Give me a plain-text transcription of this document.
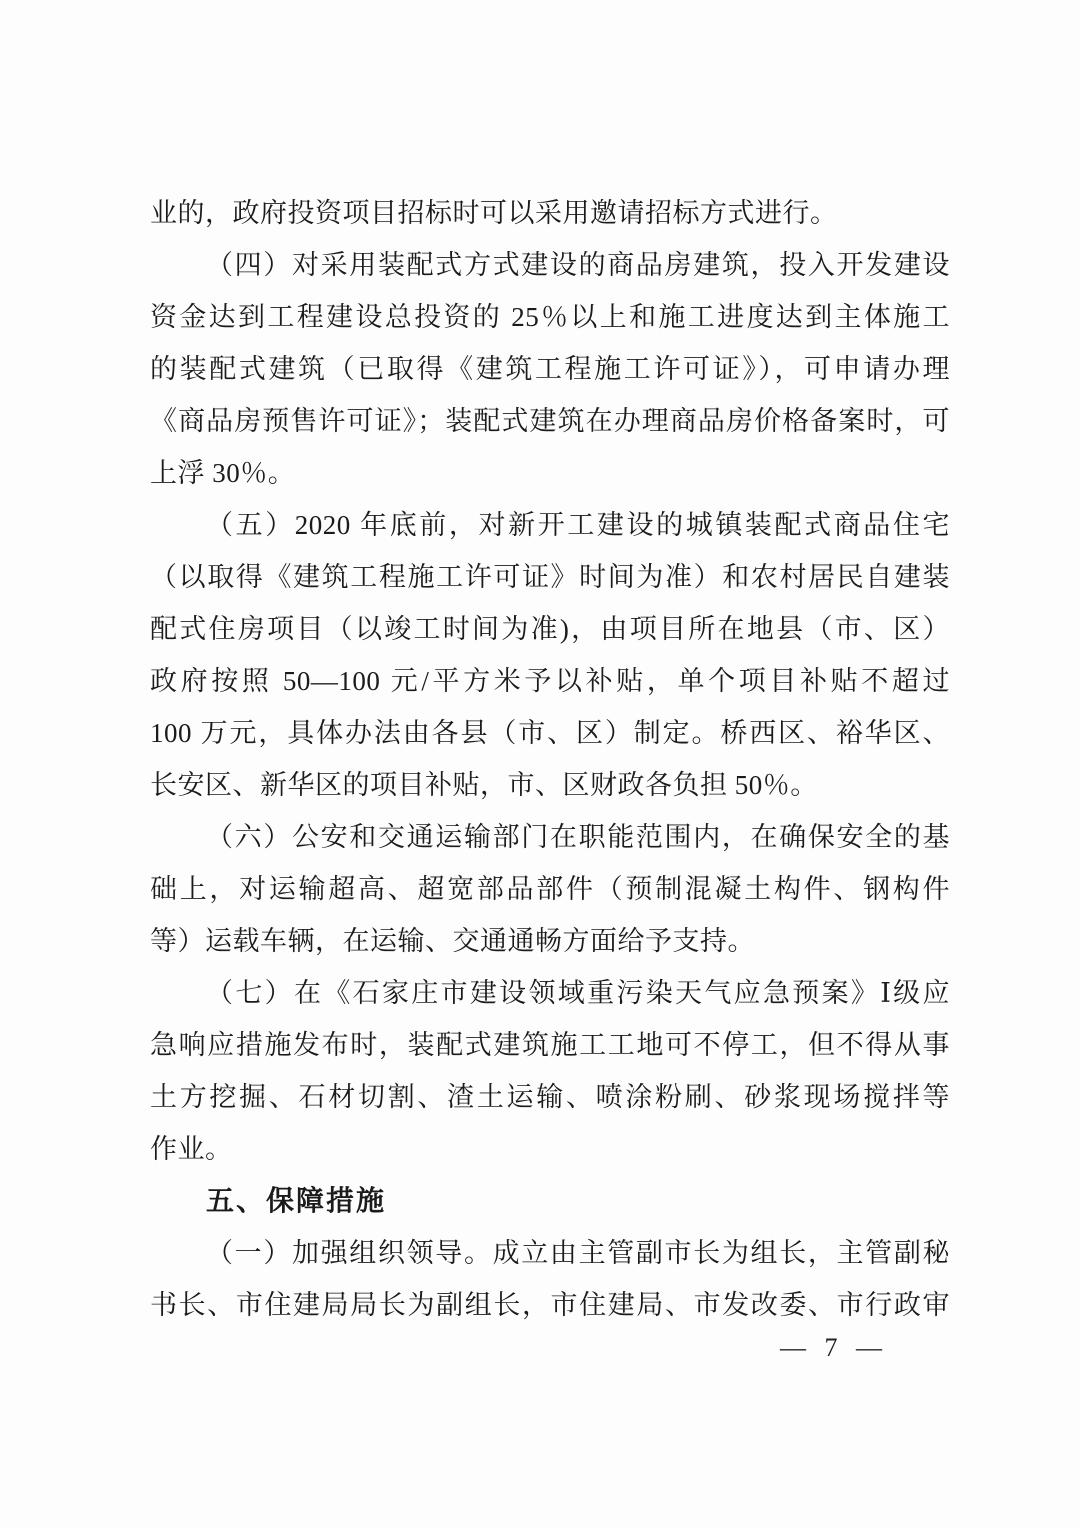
业的，政府投资项目招标时可以采用邀请招标方式进行。
（四）对采用装配式方式建设的商品房建筑，投入开发建设
资金达到工程建设总投资的 25％以上和施工进度达到主体施工
的装配式建筑（已取得《建筑工程施工许可证》），可申请办理
《商品房预售许可证》；装配式建筑在办理商品房价格备案时，可
上浮 30％。
（五）2020 年底前，对新开工建设的城镇装配式商品住宅
（以取得《建筑工程施工许可证》时间为准）和农村居民自建装
配式住房项目（以竣工时间为准)，由项目所在地县（市、区）
政府按照 50—100 元/平方米予以补贴，单个项目补贴不超过
100 万元，具体办法由各县（市、区）制定。桥西区、裕华区、
长安区、新华区的项目补贴，市、区财政各负担 50％。
（六）公安和交通运输部门在职能范围内，在确保安全的基
础上，对运输超高、超宽部品部件（预制混凝土构件、钢构件
等）运载车辆，在运输、交通通畅方面给予支持。
（七）在《石家庄市建设领域重污染天气应急预案》Ⅰ级应
急响应措施发布时，装配式建筑施工工地可不停工，但不得从事
土方挖掘、石材切割、渣土运输、喷涂粉刷、砂浆现场搅拌等
作业。
五、保障措施
（一）加强组织领导。成立由主管副市长为组长，主管副秘
书长、市住建局局长为副组长，市住建局、市发改委、市行政审
— 7 —
